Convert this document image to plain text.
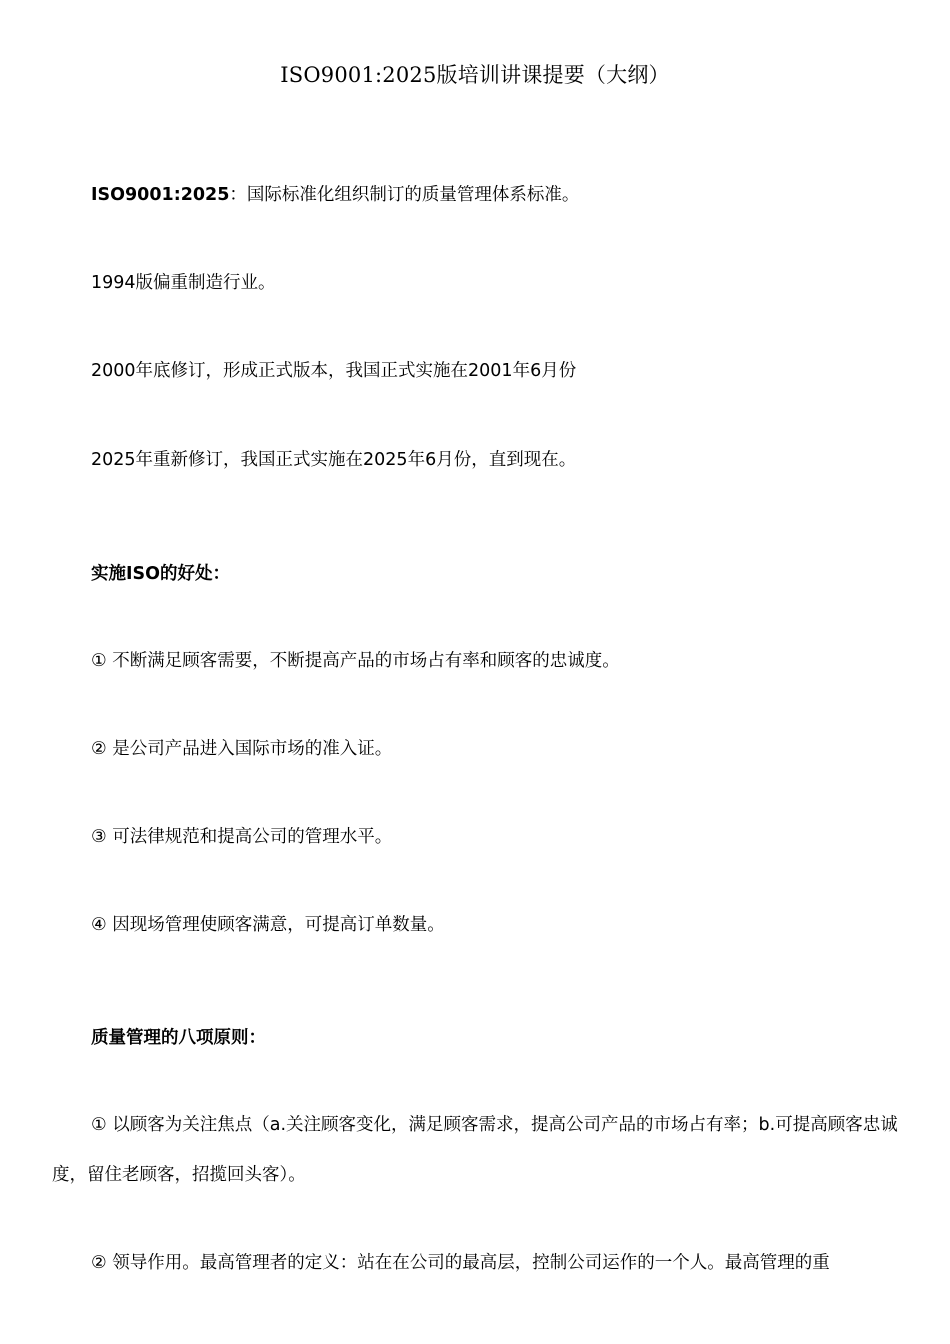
ISO9001:2025版培训讲课提要（大纲）
ISO9001:2025：国际标准化组织制订的质量管理体系标准。
1994版偏重制造行业。
2000年底修订，形成正式版本，我国正式实施在2001年6月份
2025年重新修订，我国正式实施在2025年6月份，直到现在。
实施ISO的好处：
① 不断满足顾客需要，不断提高产品的市场占有率和顾客的忠诚度。
② 是公司产品进入国际市场的准入证。
③ 可法律规范和提高公司的管理水平。
④ 因现场管理使顾客满意，可提高订单数量。
质量管理的八项原则：
① 以顾客为关注焦点（a.关注顾客变化，满足顾客需求，提高公司产品的市场占有率；b.可提高顾客忠诚度，留住老顾客，招揽回头客）。
② 领导作用。最高管理者的定义：站在在公司的最高层，控制公司运作的一个人。最高管理的重
